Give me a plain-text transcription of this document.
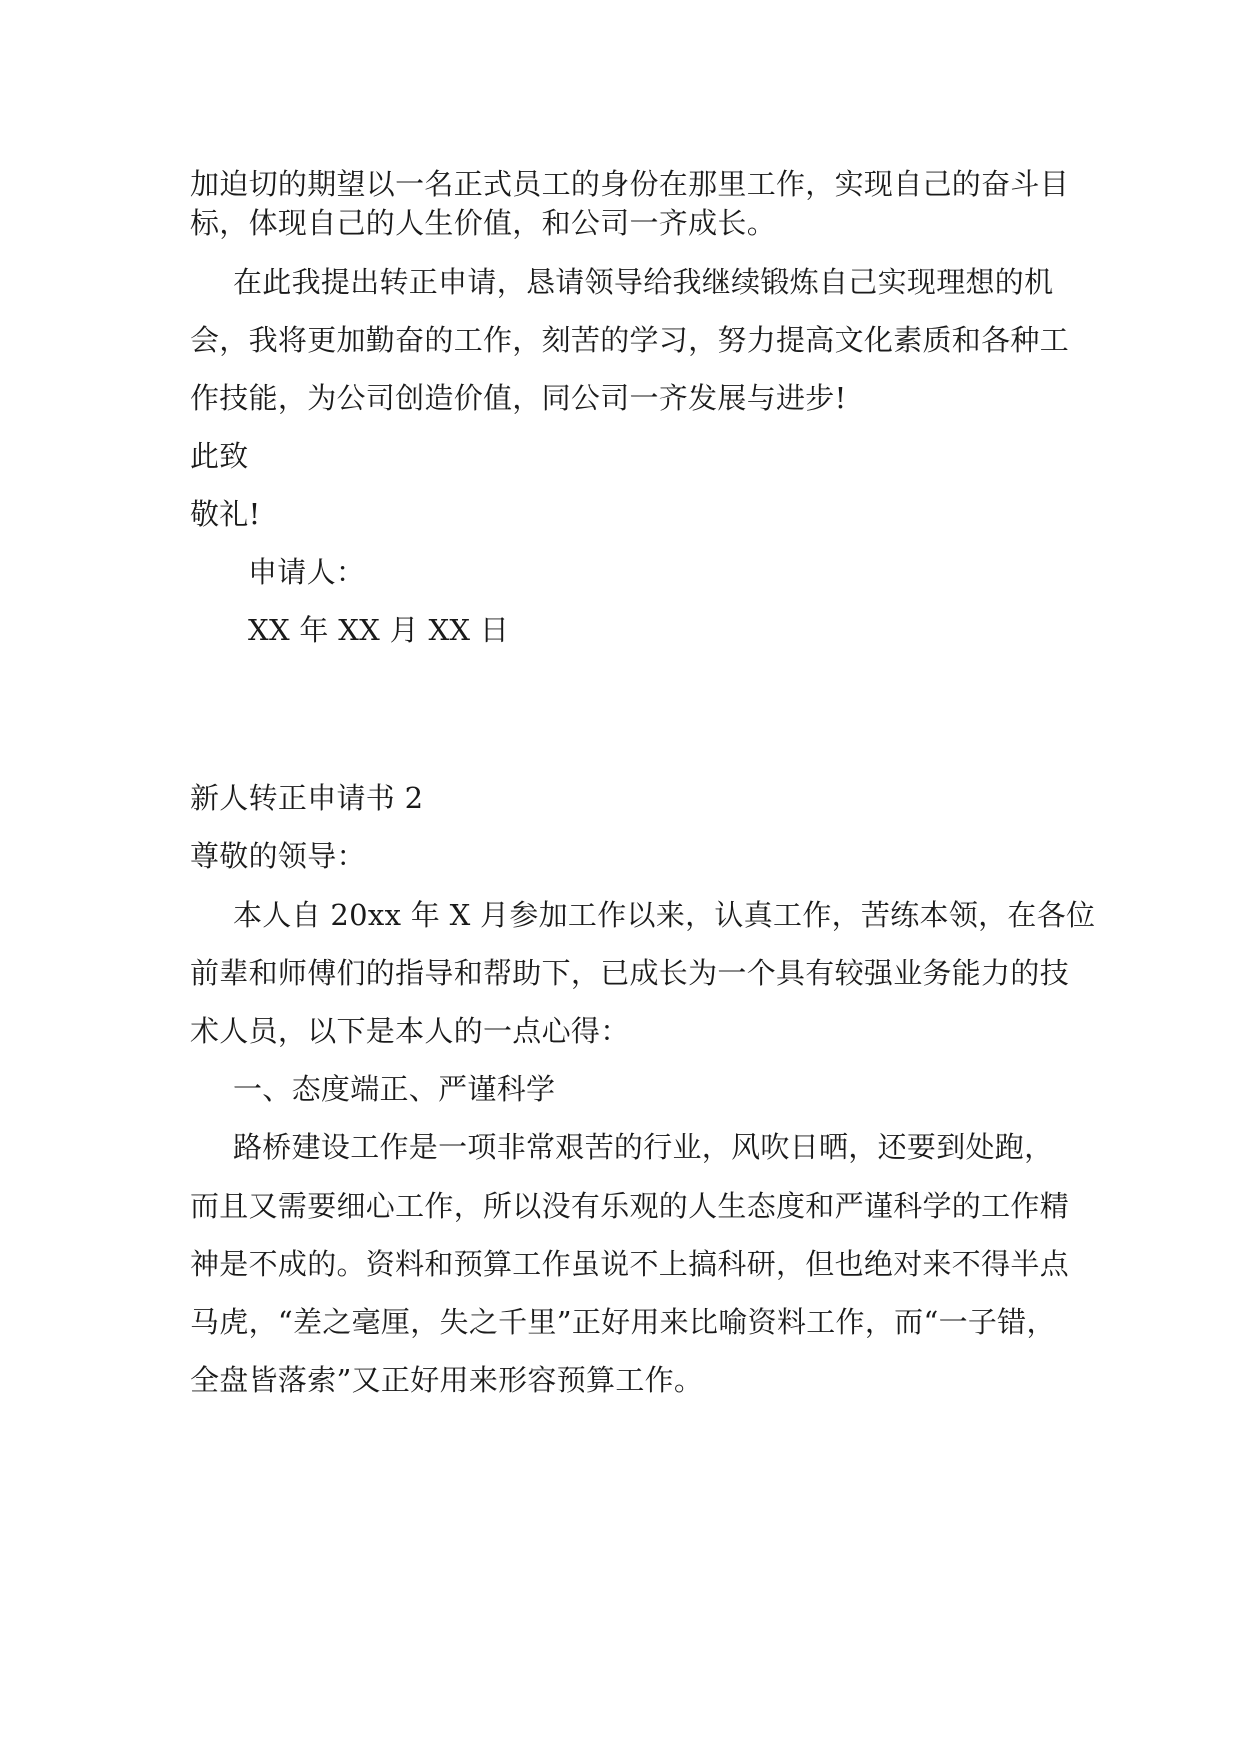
加迫切的期望以一名正式员工的身份在那里工作，实现自己的奋斗目
标，体现自己的人生价值，和公司一齐成长。
在此我提出转正申请，恳请领导给我继续锻炼自己实现理想的机
会，我将更加勤奋的工作，刻苦的学习，努力提高文化素质和各种工
作技能，为公司创造价值，同公司一齐发展与进步!
此致
敬礼!
申请人：
XX 年 XX 月 XX 日
新人转正申请书 2
尊敬的领导：
本人自 20xx 年 X 月参加工作以来，认真工作，苦练本领，在各位
前辈和师傅们的指导和帮助下，已成长为一个具有较强业务能力的技
术人员，以下是本人的一点心得：
一、态度端正、严谨科学
路桥建设工作是一项非常艰苦的行业，风吹日晒，还要到处跑，
而且又需要细心工作，所以没有乐观的人生态度和严谨科学的工作精
神是不成的。资料和预算工作虽说不上搞科研，但也绝对来不得半点
马虎，“差之毫厘，失之千里”正好用来比喻资料工作，而“一子错，
全盘皆落索”又正好用来形容预算工作。
